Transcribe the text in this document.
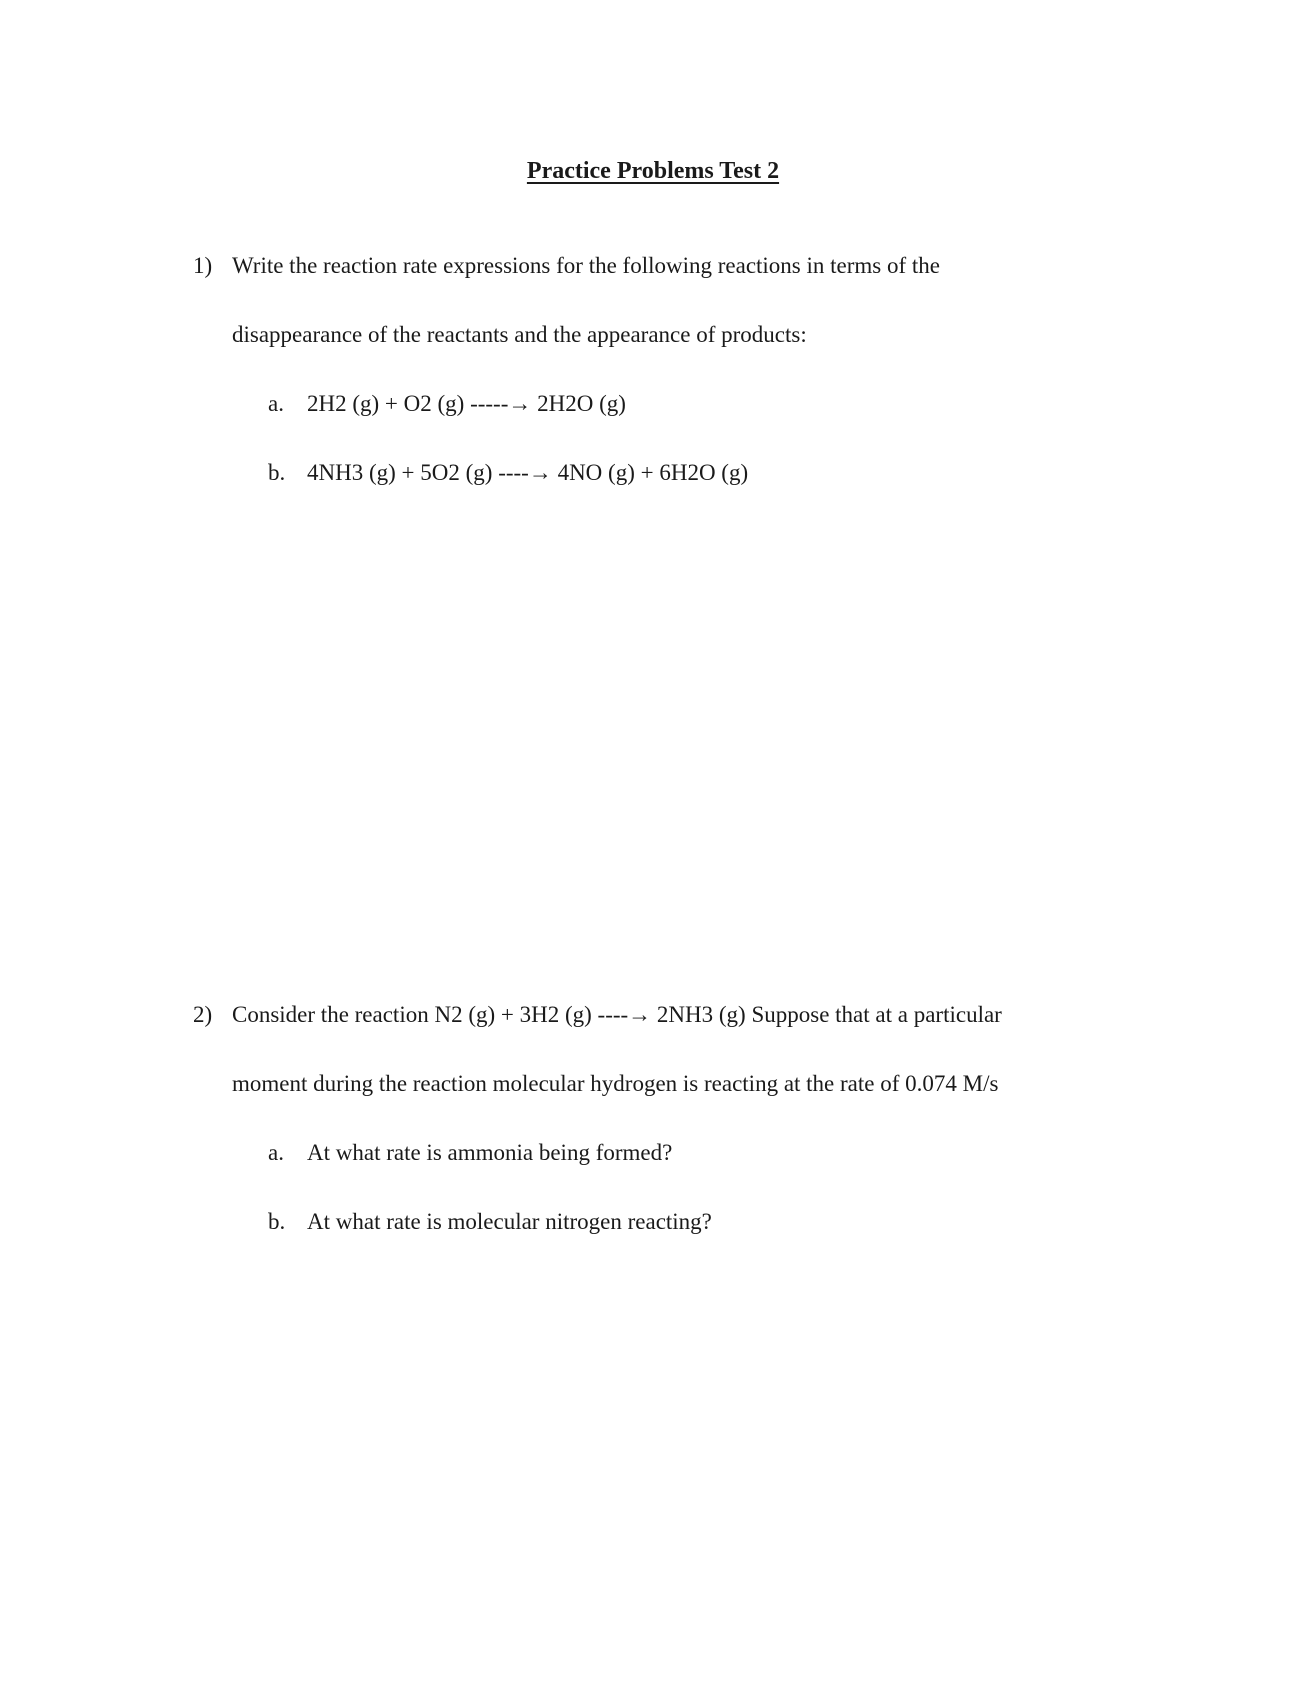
Practice Problems Test 2
1) Write the reaction rate expressions for the following reactions in terms of the
disappearance of the reactants and the appearance of products:
a. 2H2 (g) + O2 (g) -----→ 2H2O (g)
b. 4NH3 (g) + 5O2 (g) ----→ 4NO (g) + 6H2O (g)
2) Consider the reaction N2 (g) + 3H2 (g) ----→ 2NH3 (g) Suppose that at a particular
moment during the reaction molecular hydrogen is reacting at the rate of 0.074 M/s
a. At what rate is ammonia being formed?
b. At what rate is molecular nitrogen reacting?
